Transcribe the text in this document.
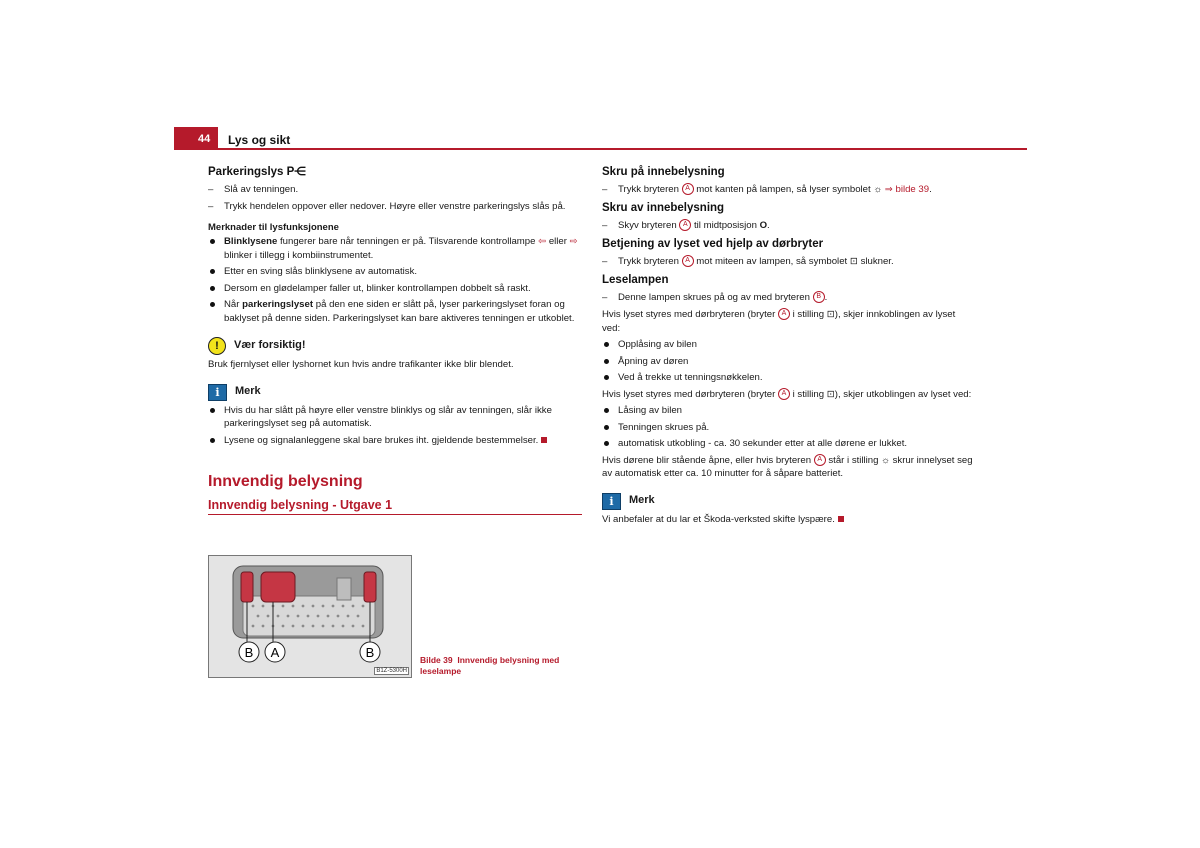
44 Lys og sikt
Parkeringslys P⋲
– Slå av tenningen.
– Trykk hendelen oppover eller nedover. Høyre eller venstre parkeringslys slås på.
Merknader til lysfunksjonene
Blinklysene fungerer bare når tenningen er på. Tilsvarende kontrollampe ⇦ eller ⇨ blinker i tillegg i kombiinstrumentet.
Etter en sving slås blinklysene av automatisk.
Dersom en glødelamper faller ut, blinker kontrollampen dobbelt så raskt.
Når parkeringslyset på den ene siden er slått på, lyser parkeringslyset foran og baklyset på denne siden. Parkeringslyset kan bare aktiveres tenningen er utkoblet.
!	Vær forsiktig!
Bruk fjernlyset eller lyshornet kun hvis andre trafikanter ikke blir blendet.
i	Merk
Hvis du har slått på høyre eller venstre blinklys og slår av tenningen, slår ikke parkeringslyset seg på automatisk.
Lysene og signalanleggene skal bare brukes iht. gjeldende bestemmelser.
Innvendig belysning
Innvendig belysning - Utgave 1
B A	B
B1Z-5300H
Bilde 39 Innvendig belysning med leselampe
Skru på innebelysning
– Trykk bryteren A mot kanten på lampen, så lyser symbolet ☼ ⇒ bilde 39.
Skru av innebelysning
– Skyv bryteren A til midtposisjon O.
Betjening av lyset ved hjelp av dørbryter
– Trykk bryteren A mot miteen av lampen, så symbolet ⊡ slukner.
Leselampen
– Denne lampen skrues på og av med bryteren B .
Hvis lyset styres med dørbryteren (bryter A i stilling ⊡), skjer innkoblingen av lyset ved:
Opplåsing av bilen
Åpning av døren
Ved å trekke ut tenningsnøkkelen.
Hvis lyset styres med dørbryteren (bryter A i stilling ⊡), skjer utkoblingen av lyset ved:
Låsing av bilen
Tenningen skrues på.
automatisk utkobling - ca. 30 sekunder etter at alle dørene er lukket.
Hvis dørene blir stående åpne, eller hvis bryteren A står i stilling ☼ skrur innelyset seg av automatisk etter ca. 10 minutter for å såpare batteriet.
i	Merk
Vi anbefaler at du lar et Škoda-verksted skifte lyspære.
